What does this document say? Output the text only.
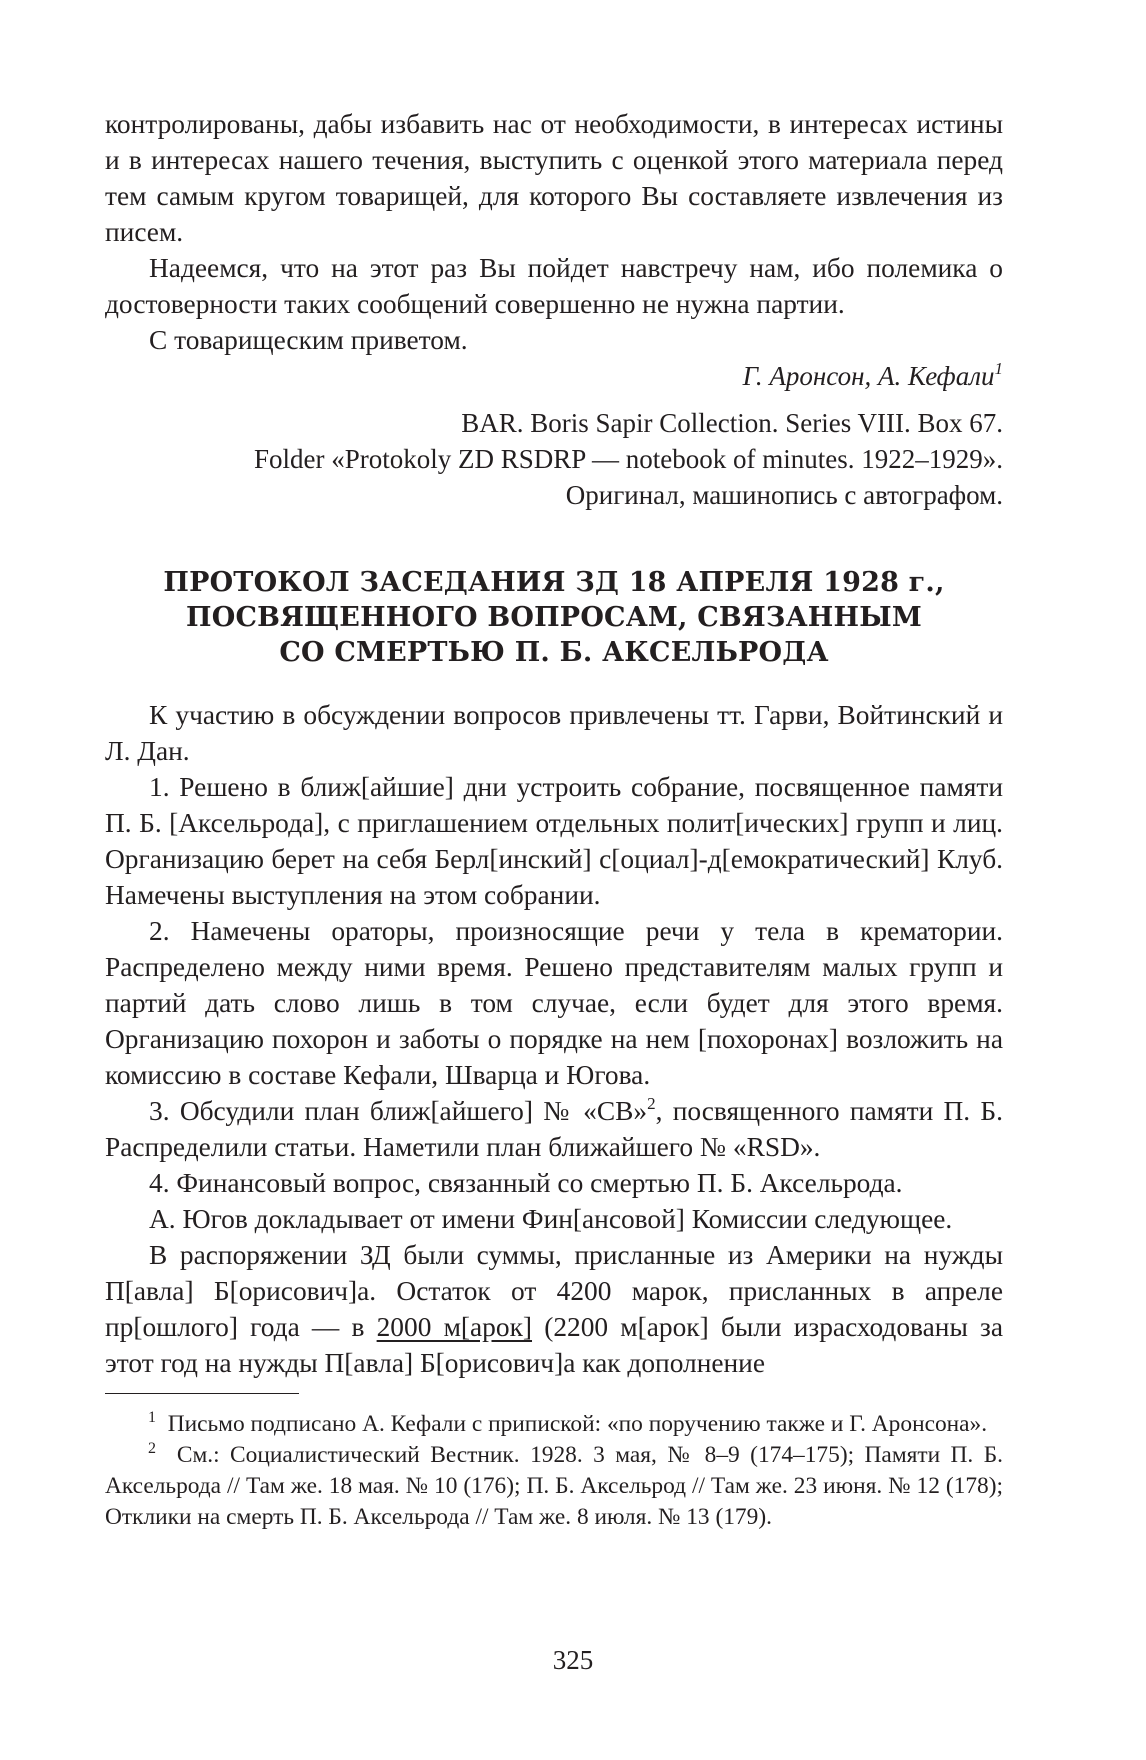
контролированы, дабы избавить нас от необходимости, в интересах истины и в интересах нашего течения, выступить с оценкой этого материала перед тем самым кругом товарищей, для которого Вы составляете извлечения из писем.

Надеемся, что на этот раз Вы пойдет навстречу нам, ибо полемика о достоверности таких сообщений совершенно не нужна партии.

С товарищеским приветом.

Г. Аронсон, А. Кефали$^1$

BAR. Boris Sapir Collection. Series VIII. Box 67.

Folder «Protokoly ZD RSDRP — notebook of minutes. 1922–1929».

Оригинал, машинопись с автографом.

ПРОТОКОЛ ЗАСЕДАНИЯ ЗД 18 АПРЕЛЯ 1928 г.,
ПОСВЯЩЕННОГО ВОПРОСАМ, СВЯЗАННЫМ
СО СМЕРТЬЮ П. Б. АКСЕЛЬРОДА

К участию в обсуждении вопросов привлечены тт. Гарви, Войтинский и Л. Дан.

1. Решено в ближ[айшие] дни устроить собрание, посвященное памяти П. Б. [Аксельрода], с приглашением отдельных полит[ических] групп и лиц. Организацию берет на себя Берл[инский] с[оциал]-д[емократический] Клуб. Намечены выступления на этом собрании.

2. Намечены ораторы, произносящие речи у тела в крематории. Распределено между ними время. Решено представителям малых групп и партий дать слово лишь в том случае, если будет для этого время. Организацию похорон и заботы о порядке на нем [похоронах] возложить на комиссию в составе Кефали, Шварца и Югова.

3. Обсудили план ближ[айшего] № «СВ»$^2$, посвященного памяти П. Б. Распределили статьи. Наметили план ближайшего № «RSD».

4. Финансовый вопрос, связанный со смертью П. Б. Аксельрода.

А. Югов докладывает от имени Фин[ансовой] Комиссии следующее.

В распоряжении ЗД были суммы, присланные из Америки на нужды П[авла] Б[орисович]а. Остаток от 4200 марок, присланных в апреле пр[ошлого] года — в 2000 м[арок] (2200 м[арок] были израсходованы за этот год на нужды П[авла] Б[орисович]а как дополнение

$^1$ Письмо подписано А. Кефали с припиской: «по поручению также и Г. Аронсона».

$^2$ См.: Социалистический Вестник. 1928. 3 мая, № 8–9 (174–175); Памяти П. Б. Аксельрода // Там же. 18 мая. № 10 (176); П. Б. Аксельрод // Там же. 23 июня. № 12 (178); Отклики на смерть П. Б. Аксельрода // Там же. 8 июля. № 13 (179).

325
